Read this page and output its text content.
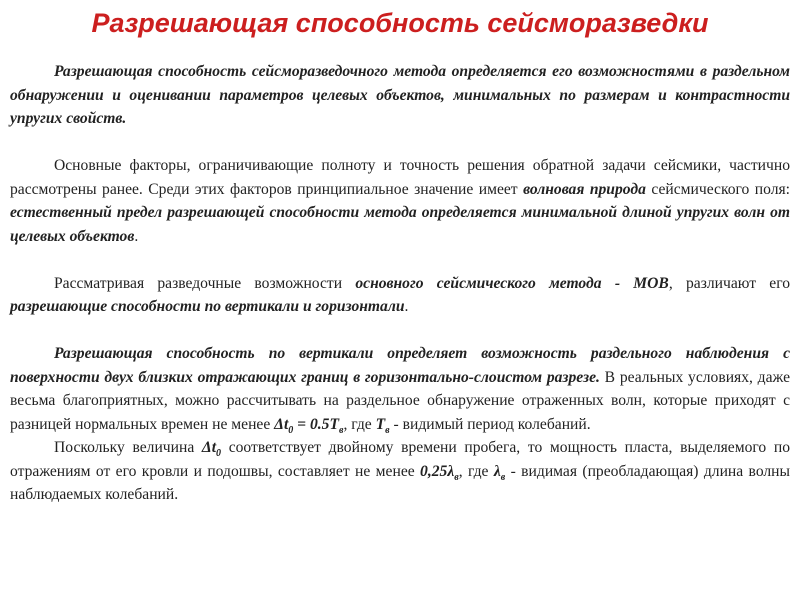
Разрешающая способность сейсморазведки

Разрешающая способность сейсморазведочного метода определяется его возможностями в раздельном обнаружении и оценивании параметров целевых объектов, минимальных по размерам и контрастности упругих свойств.

Основные факторы, ограничивающие полноту и точность решения обратной задачи сейсмики, частично рассмотрены ранее. Среди этих факторов принципиальное значение имеет волновая природа сейсмического поля: естественный предел разрешающей способности метода определяется минимальной длиной упругих волн от целевых объектов.

Рассматривая разведочные возможности основного сейсмического метода - МОВ, различают его разрешающие способности по вертикали и горизонтали.

Разрешающая способность по вертикали определяет возможность раздельного наблюдения с поверхности двух близких отражающих границ в горизонтально-слоистом разрезе. В реальных условиях, даже весьма благоприятных, можно рассчитывать на раздельное обнаружение отраженных волн, которые приходят с разницей нормальных времен не менее $\Delta t_0 = 0.5T_в$, где $T_в$ - видимый период колебаний.

Поскольку величина $\Delta t_0$ соответствует двойному времени пробега, то мощность пласта, выделяемого по отражениям от его кровли и подошвы, составляет не менее $0,25\lambda_в$, где $\lambda_в$ - видимая (преобладающая) длина волны наблюдаемых колебаний.
